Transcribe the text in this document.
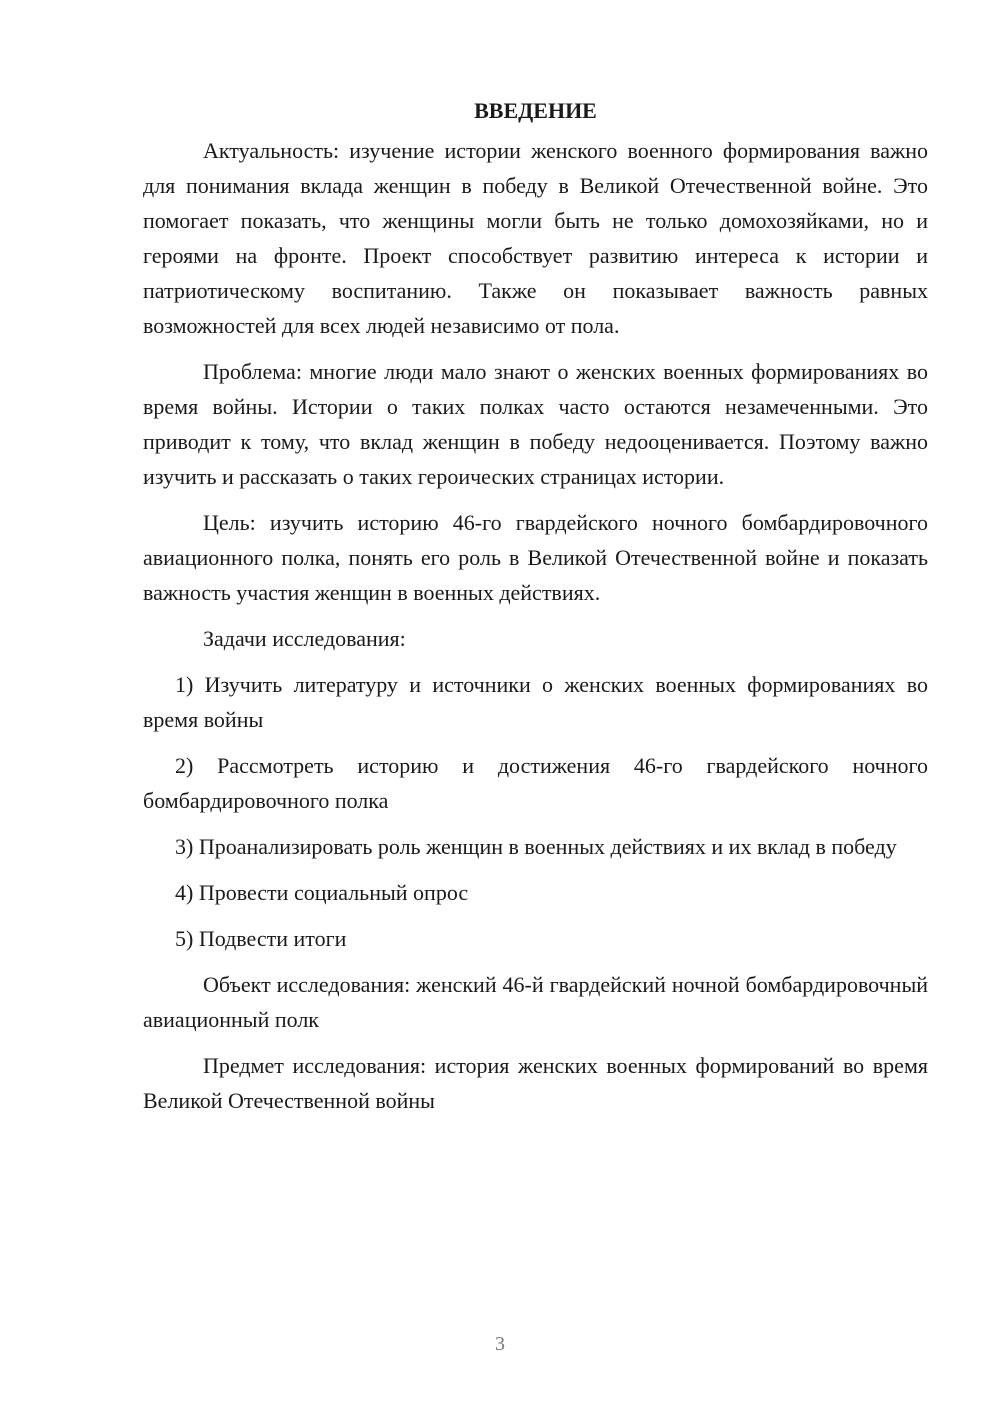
ВВЕДЕНИЕ

Актуальность: изучение истории женского военного формирования важно для понимания вклада женщин в победу в Великой Отечественной войне. Это помогает показать, что женщины могли быть не только домохозяйками, но и героями на фронте. Проект способствует развитию интереса к истории и патриотическому воспитанию. Также он показывает важность равных возможностей для всех людей независимо от пола.

Проблема: многие люди мало знают о женских военных формированиях во время войны. Истории о таких полках часто остаются незамеченными. Это приводит к тому, что вклад женщин в победу недооценивается. Поэтому важно изучить и рассказать о таких героических страницах истории.

Цель: изучить историю 46-го гвардейского ночного бомбардировочного авиационного полка, понять его роль в Великой Отечественной войне и показать важность участия женщин в военных действиях.

Задачи исследования:

1) Изучить литературу и источники о женских военных формированиях во время войны

2) Рассмотреть историю и достижения 46-го гвардейского ночного бомбардировочного полка

3) Проанализировать роль женщин в военных действиях и их вклад в победу

4) Провести социальный опрос

5) Подвести итоги

Объект исследования: женский 46-й гвардейский ночной бомбардировочный авиационный полк

Предмет исследования: история женских военных формирований во время Великой Отечественной войны

3
